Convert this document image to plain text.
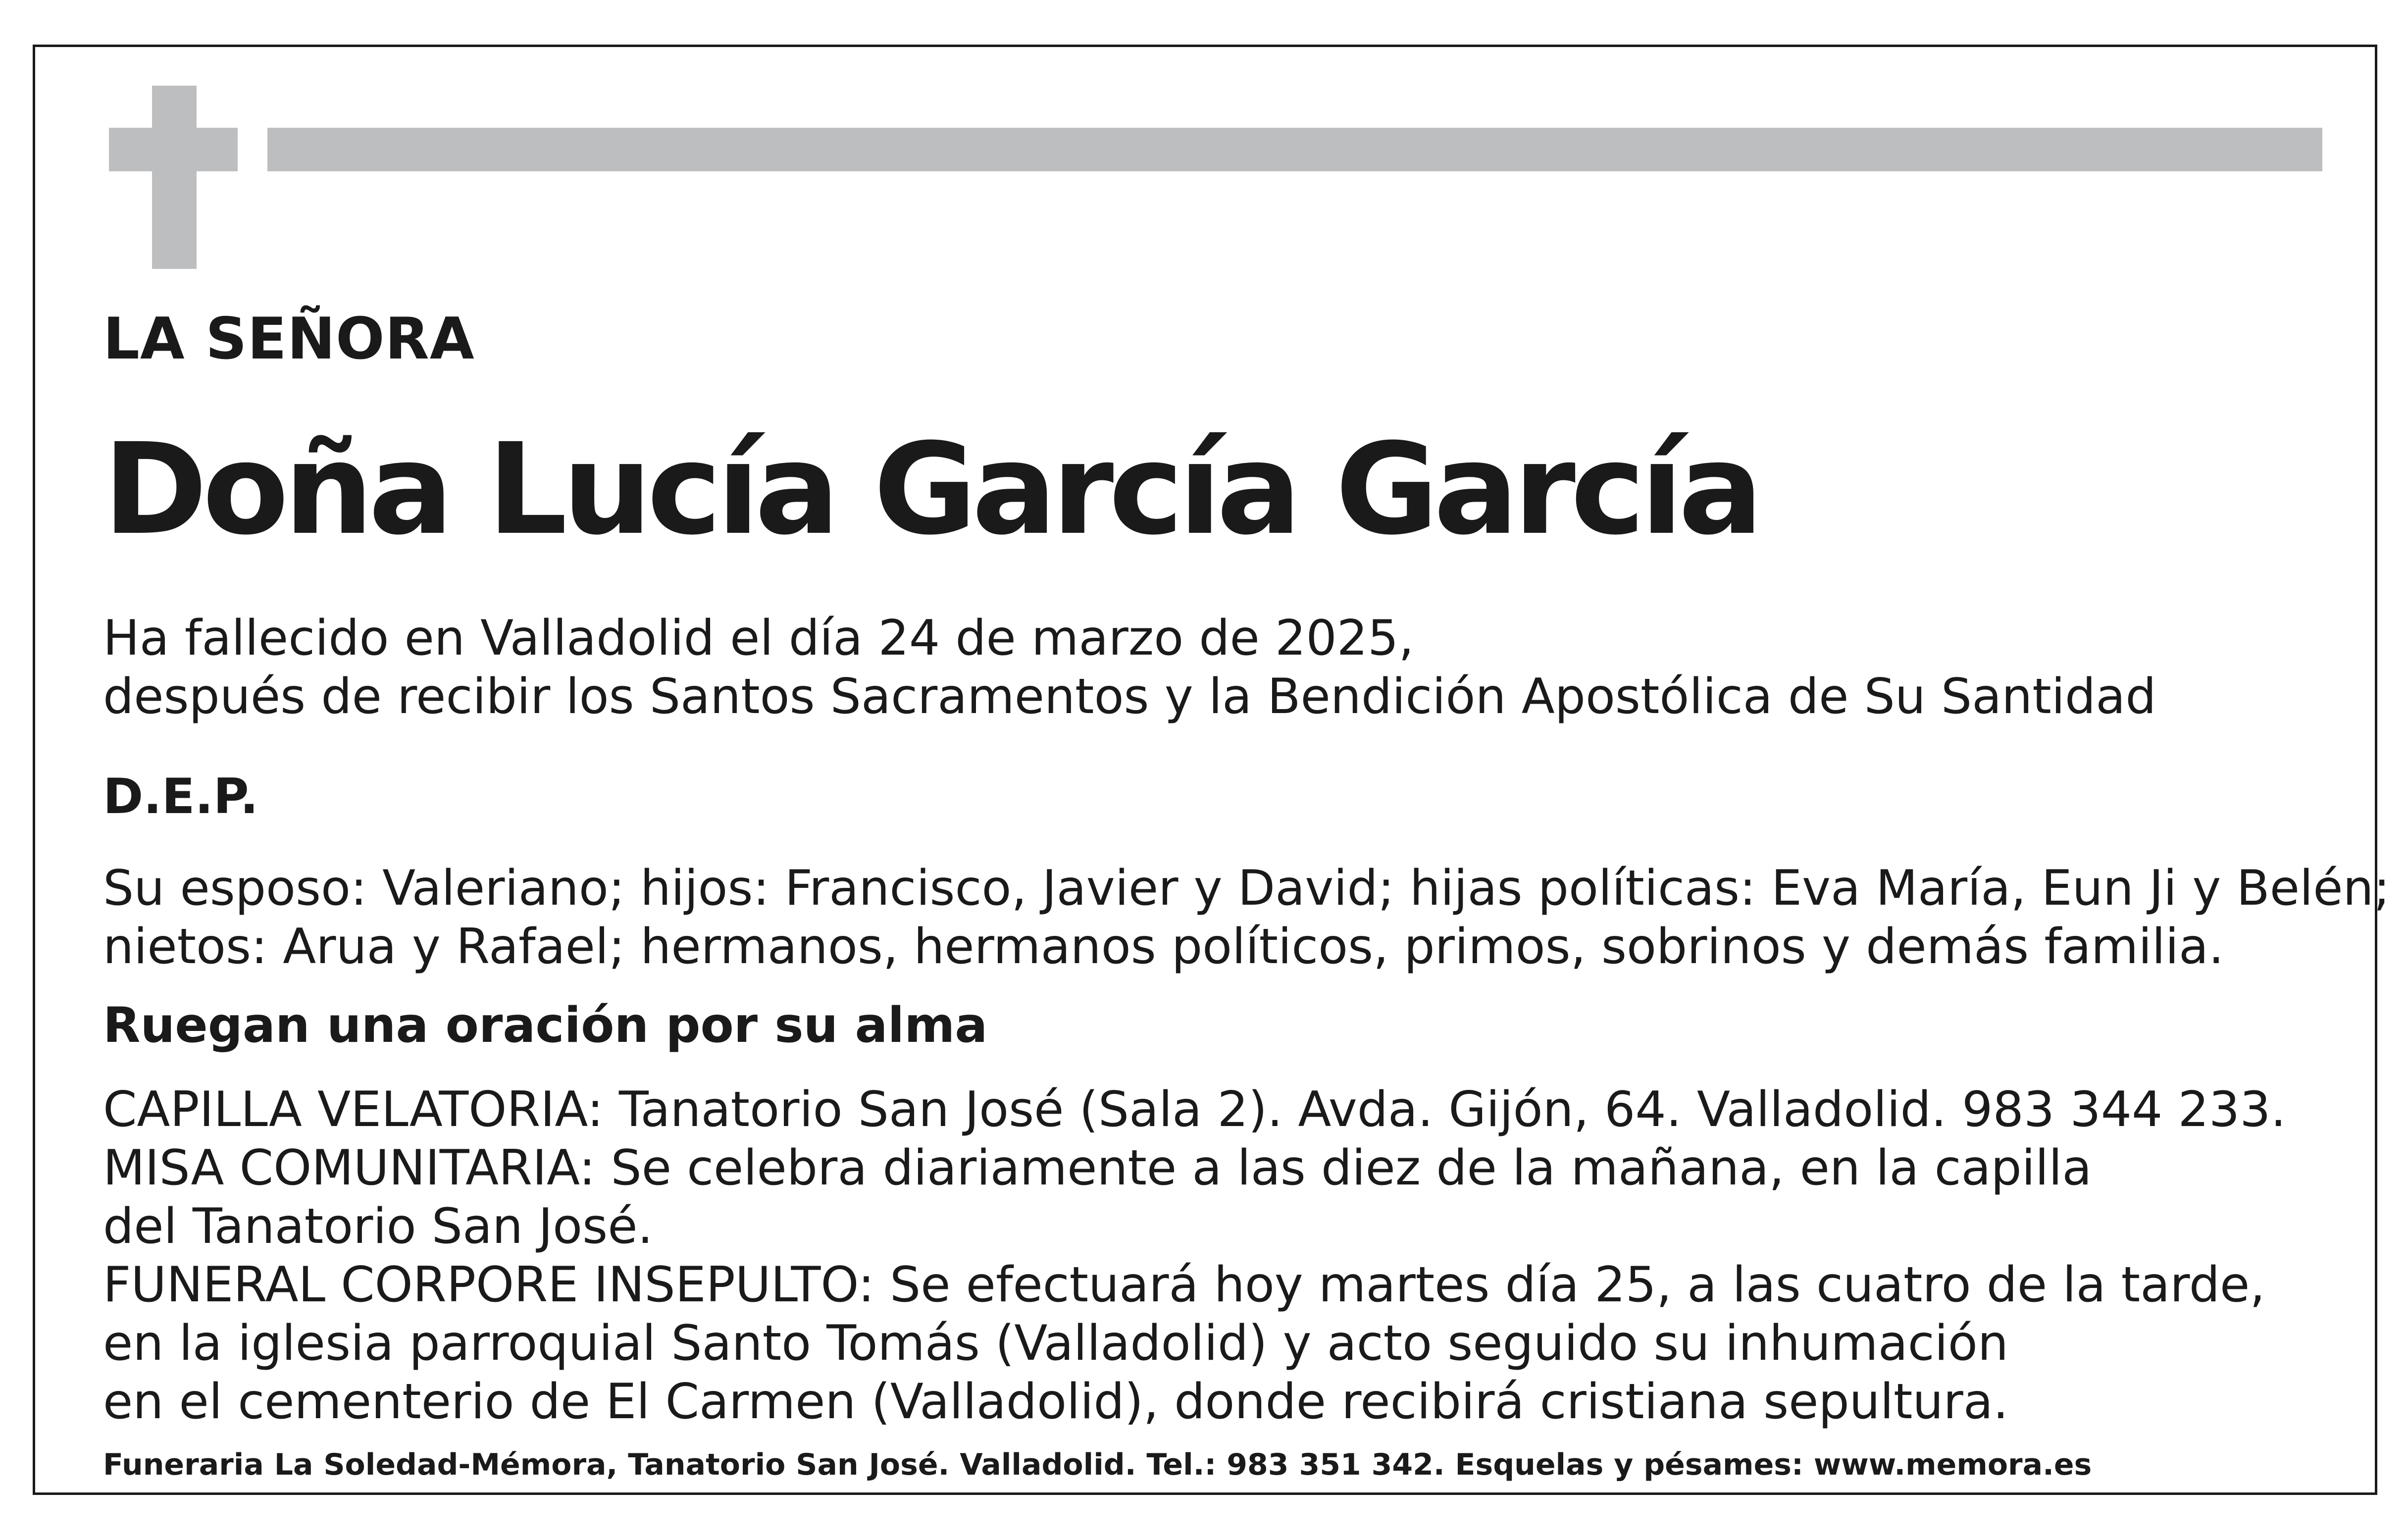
LA SEÑORA

Doña Lucía García García

Ha fallecido en Valladolid el día 24 de marzo de 2025,

después de recibir los Santos Sacramentos y la Bendición Apostólica de Su Santidad

D.E.P.

Su esposo: Valeriano; hijos: Francisco, Javier y David; hijas políticas: Eva María, Eun Ji y Belén;

nietos: Arua y Rafael; hermanos, hermanos políticos, primos, sobrinos y demás familia.

Ruegan una oración por su alma

CAPILLA VELATORIA: Tanatorio San José (Sala 2). Avda. Gijón, 64. Valladolid. 983 344 233.

MISA COMUNITARIA: Se celebra diariamente a las diez de la mañana, en la capilla

del Tanatorio San José.

FUNERAL CORPORE INSEPULTO: Se efectuará hoy martes día 25, a las cuatro de la tarde,

en la iglesia parroquial Santo Tomás (Valladolid) y acto seguido su inhumación

en el cementerio de El Carmen (Valladolid), donde recibirá cristiana sepultura.

Funeraria La Soledad-Mémora, Tanatorio San José. Valladolid. Tel.: 983 351 342. Esquelas y pésames: www.memora.es
